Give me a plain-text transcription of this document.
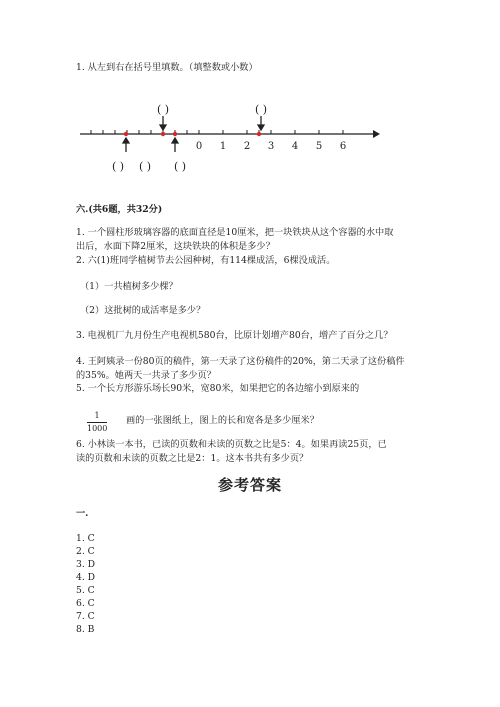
1. 从左到右在括号里填数。（填整数或小数）
0 1 2 3 4 5 6
( )	( )
( ) ( ) ( )
六.(共6题，共32分)
1. 一个圆柱形玻璃容器的底面直径是10厘米，把一块铁块从这个容器的水中取
出后，水面下降2厘米，这块铁块的体积是多少？
2. 六(1)班同学植树节去公园种树，有114棵成活，6棵没成活。
（1）一共植树多少棵？
（2）这批树的成活率是多少？
3. 电视机厂九月份生产电视机580台，比原计划增产80台，增产了百分之几？
4. 王阿姨录一份80页的稿件，第一天录了这份稿件的20%，第二天录了这份稿件
的35%。她两天一共录了多少页？
5. 一个长方形游乐场长90米，宽80米，如果把它的各边缩小到原来的
1
1000
画的一张图纸上，图上的长和宽各是多少厘米？
6. 小林读一本书，已读的页数和未读的页数之比是5：4。如果再读25页，已
读的页数和未读的页数之比是2：1。这本书共有多少页？
参考答案
一.
1. C
2. C
3. D
4. D
5. C
6. C
7. C
8. B
